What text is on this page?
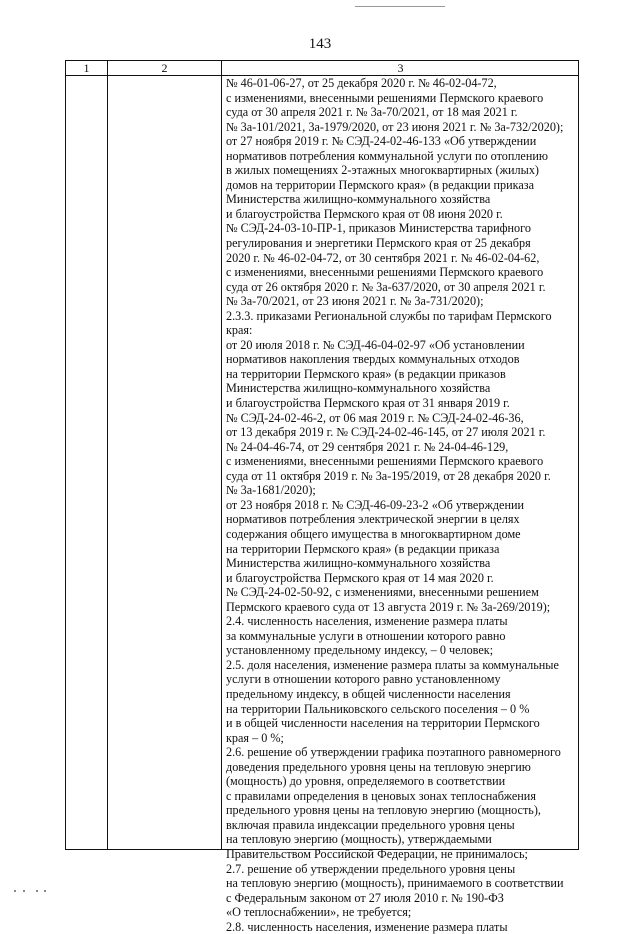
143
1	2	3
№ 46-01-06-27, от 25 декабря 2020 г. № 46-02-04-72,
с изменениями, внесенными решениями Пермского краевого
суда от 30 апреля 2021 г. № 3а-70/2021, от 18 мая 2021 г.
№ 3а-101/2021, 3а-1979/2020, от 23 июня 2021 г. № 3а-732/2020);
от 27 ноября 2019 г. № СЭД-24-02-46-133 «Об утверждении
нормативов потребления коммунальной услуги по отоплению
в жилых помещениях 2-этажных многоквартирных (жилых)
домов на территории Пермского края» (в редакции приказа
Министерства жилищно-коммунального хозяйства
и благоустройства Пермского края от 08 июня 2020 г.
№ СЭД-24-03-10-ПР-1, приказов Министерства тарифного
регулирования и энергетики Пермского края от 25 декабря
2020 г. № 46-02-04-72, от 30 сентября 2021 г. № 46-02-04-62,
с изменениями, внесенными решениями Пермского краевого
суда от 26 октября 2020 г. № 3а-637/2020, от 30 апреля 2021 г.
№ 3а-70/2021, от 23 июня 2021 г. № 3а-731/2020);
2.3.3. приказами Региональной службы по тарифам Пермского
края:
от 20 июля 2018 г. № СЭД-46-04-02-97 «Об установлении
нормативов накопления твердых коммунальных отходов
на территории Пермского края» (в редакции приказов
Министерства жилищно-коммунального хозяйства
и благоустройства Пермского края от 31 января 2019 г.
№ СЭД-24-02-46-2, от 06 мая 2019 г. № СЭД-24-02-46-36,
от 13 декабря 2019 г. № СЭД-24-02-46-145, от 27 июля 2021 г.
№ 24-04-46-74, от 29 сентября 2021 г. № 24-04-46-129,
с изменениями, внесенными решениями Пермского краевого
суда от 11 октября 2019 г. № 3а-195/2019, от 28 декабря 2020 г.
№ 3а-1681/2020);
от 23 ноября 2018 г. № СЭД-46-09-23-2 «Об утверждении
нормативов потребления электрической энергии в целях
содержания общего имущества в многоквартирном доме
на территории Пермского края» (в редакции приказа
Министерства жилищно-коммунального хозяйства
и благоустройства Пермского края от 14 мая 2020 г.
№ СЭД-24-02-50-92, с изменениями, внесенными решением
Пермского краевого суда от 13 августа 2019 г. № 3а-269/2019);
2.4. численность населения, изменение размера платы
за коммунальные услуги в отношении которого равно
установленному предельному индексу, – 0 человек;
2.5. доля населения, изменение размера платы за коммунальные
услуги в отношении которого равно установленному
предельному индексу, в общей численности населения
на территории Пальниковского сельского поселения – 0 %
и в общей численности населения на территории Пермского
края – 0 %;
2.6. решение об утверждении графика поэтапного равномерного
доведения предельного уровня цены на тепловую энергию
(мощность) до уровня, определяемого в соответствии
с правилами определения в ценовых зонах теплоснабжения
предельного уровня цены на тепловую энергию (мощность),
включая правила индексации предельного уровня цены
на тепловую энергию (мощность), утверждаемыми
Правительством Российской Федерации, не принималось;
2.7. решение об утверждении предельного уровня цены
на тепловую энергию (мощность), принимаемого в соответствии
с Федеральным законом от 27 июля 2010 г. № 190-ФЗ
«О теплоснабжении», не требуется;
2.8. численность населения, изменение размера платы
